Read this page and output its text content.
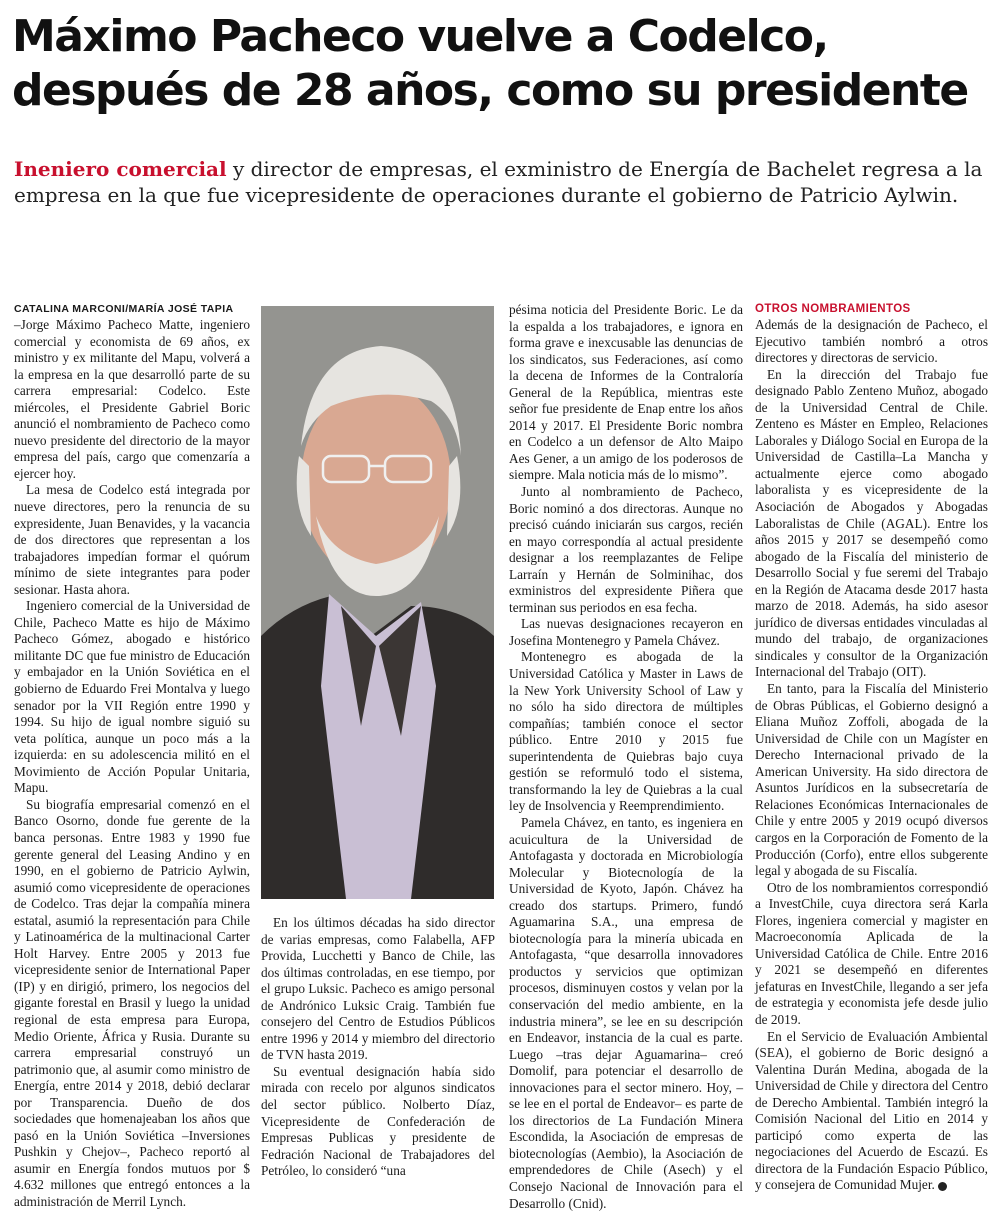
Máximo Pacheco vuelve a Codelco,
después de 28 años, como su presidente

Ineniero comercial y director de empresas, el exministro de Energía de Bachelet regresa a la empresa en la que fue vicepresidente de operaciones durante el gobierno de Patricio Aylwin.

CATALINA MARCONI/MARÍA JOSÉ TAPIA

–Jorge Máximo Pacheco Matte, ingeniero comercial y economista de 69 años, ex ministro y ex militante del Mapu, volverá a la empresa en la que desarrolló parte de su carrera empresarial: Codelco. Este miércoles, el Presidente Gabriel Boric anunció el nombramiento de Pacheco como nuevo presidente del directorio de la mayor empresa del país, cargo que comenzaría a ejercer hoy.

La mesa de Codelco está integrada por nueve directores, pero la renuncia de su expresidente, Juan Benavides, y la vacancia de dos directores que representan a los trabajadores impedían formar el quórum mínimo de siete integrantes para poder sesionar. Hasta ahora.

Ingeniero comercial de la Universidad de Chile, Pacheco Matte es hijo de Máximo Pacheco Gómez, abogado e histórico militante DC que fue ministro de Educación y embajador en la Unión Soviética en el gobierno de Eduardo Frei Montalva y luego senador por la VII Región entre 1990 y 1994. Su hijo de igual nombre siguió su veta política, aunque un poco más a la izquierda: en su adolescencia militó en el Movimiento de Acción Popular Unitaria, Mapu.

Su biografía empresarial comenzó en el Banco Osorno, donde fue gerente de la banca personas. Entre 1983 y 1990 fue gerente general del Leasing Andino y en 1990, en el gobierno de Patricio Aylwin, asumió como vicepresidente de operaciones de Codelco. Tras dejar la compañía minera estatal, asumió la representación para Chile y Latinoamérica de la multinacional Carter Holt Harvey. Entre 2005 y 2013 fue vicepresidente senior de International Paper (IP) y en dirigió, primero, los negocios del gigante forestal en Brasil y luego la unidad regional de esta empresa para Europa, Medio Oriente, África y Rusia. Durante su carrera empresarial construyó un patrimonio que, al asumir como ministro de Energía, entre 2014 y 2018, debió declarar por Transparencia. Dueño de dos sociedades que homenajeaban los años que pasó en la Unión Soviética –Inversiones Pushkin y Chejov–, Pacheco reportó al asumir en Energía fondos mutuos por $ 4.632 millones que entregó entonces a la administración de Merril Lynch.

En los últimos décadas ha sido director de varias empresas, como Falabella, AFP Provida, Lucchetti y Banco de Chile, las dos últimas controladas, en ese tiempo, por el grupo Luksic. Pacheco es amigo personal de Andrónico Luksic Craig. También fue consejero del Centro de Estudios Públicos entre 1996 y 2014 y miembro del directorio de TVN hasta 2019.

Su eventual designación había sido mirada con recelo por algunos sindicatos del sector público. Nolberto Díaz, Vicepresidente de Confederación de Empresas Publicas y presidente de Fedración Nacional de Trabajadores del Petróleo, lo consideró “una

pésima noticia del Presidente Boric. Le da la espalda a los trabajadores, e ignora en forma grave e inexcusable las denuncias de los sindicatos, sus Federaciones, así como la decena de Informes de la Contraloría General de la República, mientras este señor fue presidente de Enap entre los años 2014 y 2017. El Presidente Boric nombra en Codelco a un defensor de Alto Maipo Aes Gener, a un amigo de los poderosos de siempre. Mala noticia más de lo mismo”.

Junto al nombramiento de Pacheco, Boric nominó a dos directoras. Aunque no precisó cuándo iniciarán sus cargos, recién en mayo correspondía al actual presidente designar a los reemplazantes de Felipe Larraín y Hernán de Solminihac, dos exministros del expresidente Piñera que terminan sus periodos en esa fecha.

Las nuevas designaciones recayeron en Josefina Montenegro y Pamela Chávez.

Montenegro es abogada de la Universidad Católica y Master in Laws de la New York University School of Law y no sólo ha sido directora de múltiples compañías; también conoce el sector público. Entre 2010 y 2015 fue superintendenta de Quiebras bajo cuya gestión se reformuló todo el sistema, transformando la ley de Quiebras a la cual ley de Insolvencia y Reemprendimiento.

Pamela Chávez, en tanto, es ingeniera en acuicultura de la Universidad de Antofagasta y doctorada en Microbiología Molecular y Biotecnología de la Universidad de Kyoto, Japón. Chávez ha creado dos startups. Primero, fundó Aguamarina S.A., una empresa de biotecnología para la minería ubicada en Antofagasta, “que desarrolla innovadores productos y servicios que optimizan procesos, disminuyen costos y velan por la conservación del medio ambiente, en la industria minera”, se lee en su descripción en Endeavor, instancia de la cual es parte. Luego –tras dejar Aguamarina– creó Domolif, para potenciar el desarrollo de innovaciones para el sector minero. Hoy, –se lee en el portal de Endeavor– es parte de los directorios de La Fundación Minera Escondida, la Asociación de empresas de biotecnologías (Aembio), la Asociación de emprendedores de Chile (Asech) y el Consejo Nacional de Innovación para el Desarrollo (Cnid).

OTROS NOMBRAMIENTOS

Además de la designación de Pacheco, el Ejecutivo también nombró a otros directores y directoras de servicio.

En la dirección del Trabajo fue designado Pablo Zenteno Muñoz, abogado de la Universidad Central de Chile. Zenteno es Máster en Empleo, Relaciones Laborales y Diálogo Social en Europa de la Universidad de Castilla–La Mancha y actualmente ejerce como abogado laboralista y es vicepresidente de la Asociación de Abogados y Abogadas Laboralistas de Chile (AGAL). Entre los años 2015 y 2017 se desempeñó como abogado de la Fiscalía del ministerio de Desarrollo Social y fue seremi del Trabajo en la Región de Atacama desde 2017 hasta marzo de 2018. Además, ha sido asesor jurídico de diversas entidades vinculadas al mundo del trabajo, de organizaciones sindicales y consultor de la Organización Internacional del Trabajo (OIT).

En tanto, para la Fiscalía del Ministerio de Obras Públicas, el Gobierno designó a Eliana Muñoz Zoffoli, abogada de la Universidad de Chile con un Magíster en Derecho Internacional privado de la American University. Ha sido directora de Asuntos Jurídicos en la subsecretaría de Relaciones Económicas Internacionales de Chile y entre 2005 y 2019 ocupó diversos cargos en la Corporación de Fomento de la Producción (Corfo), entre ellos subgerente legal y abogada de su Fiscalía.

Otro de los nombramientos correspondió a InvestChile, cuya directora será Karla Flores, ingeniera comercial y magister en Macroeconomía Aplicada de la Universidad Católica de Chile. Entre 2016 y 2021 se desempeñó en diferentes jefaturas en InvestChile, llegando a ser jefa de estrategia y economista jefe desde julio de 2019.

En el Servicio de Evaluación Ambiental (SEA), el gobierno de Boric designó a Valentina Durán Medina, abogada de la Universidad de Chile y directora del Centro de Derecho Ambiental. También integró la Comisión Nacional del Litio en 2014 y participó como experta de las negociaciones del Acuerdo de Escazú. Es directora de la Fundación Espacio Público, y consejera de Comunidad Mujer.
